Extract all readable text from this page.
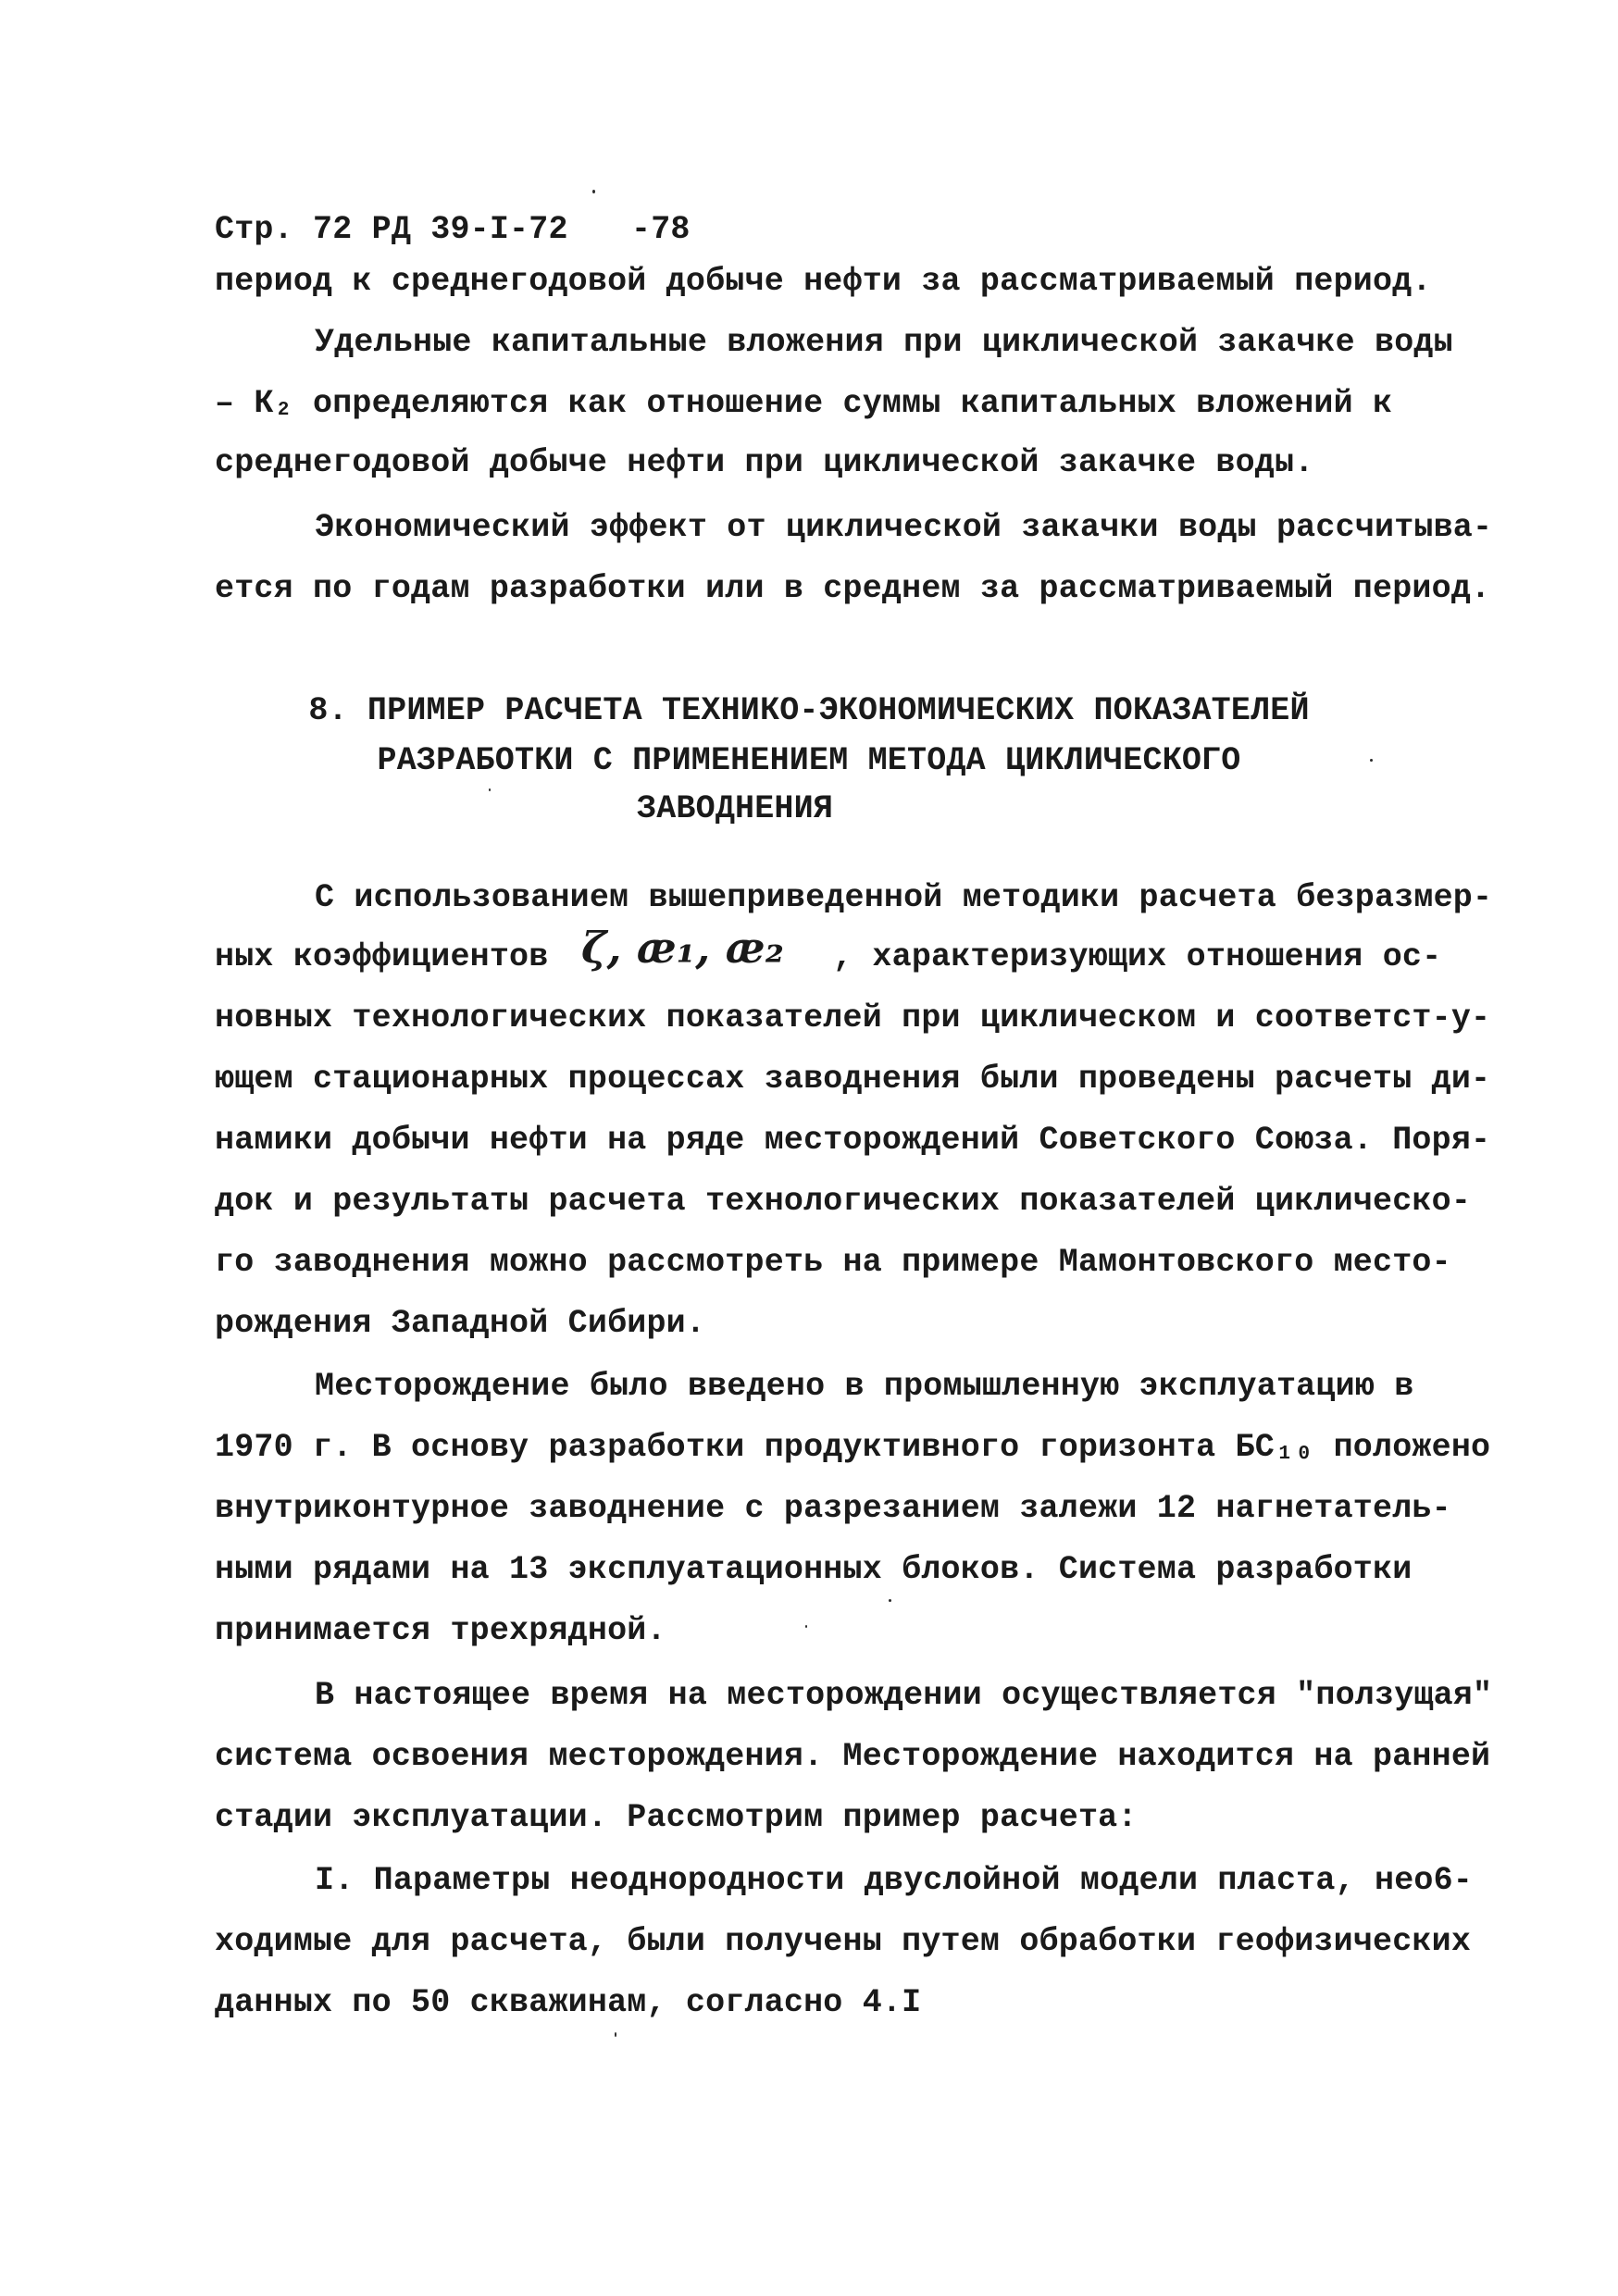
Стр. 72 РД 39-I-72 -78
период к среднегодовой добыче нефти за рассматриваемый период.
Удельные капитальные вложения при циклической закачке воды
– К₂ определяются как отношение суммы капитальных вложений к
среднегодовой добыче нефти при циклической закачке воды.
Экономический эффект от циклической закачки воды рассчитыва-
ется по годам разработки или в среднем за рассматриваемый период.
8. ПРИМЕР РАСЧЕТА ТЕХНИКО-ЭКОНОМИЧЕСКИХ ПОКАЗАТЕЛЕЙ
РАЗРАБОТКИ С ПРИМЕНЕНИЕМ МЕТОДА ЦИКЛИЧЕСКОГО
ЗАВОДНЕНИЯ
С использованием вышеприведенной методики расчета безразмер-
ных коэффициентов ζ, æ₁, æ₂ , характеризующих отношения ос-
новных технологических показателей при циклическом и соответст-у-
ющем стационарных процессах заводнения были проведены расчеты ди-
намики добычи нефти на ряде месторождений Советского Союза. Поря-
док и результаты расчета технологических показателей циклическо-
го заводнения можно рассмотреть на примере Мамонтовского место-
рождения Западной Сибири.
Месторождение было введено в промышленную эксплуатацию в
1970 г. В основу разработки продуктивного горизонта БС₁₀ положено
внутриконтурное заводнение с разрезанием залежи 12 нагнетатель-
ными рядами на 13 эксплуатационных блоков. Система разработки
принимается трехрядной.
В настоящее время на месторождении осуществляется "ползущая"
система освоения месторождения. Месторождение находится на ранней
стадии эксплуатации. Рассмотрим пример расчета:
I. Параметры неоднородности двуслойной модели пласта, нео6-
ходимые для расчета, были получены путем обработки геофизических
данных по 50 скважинам, согласно 4.I
